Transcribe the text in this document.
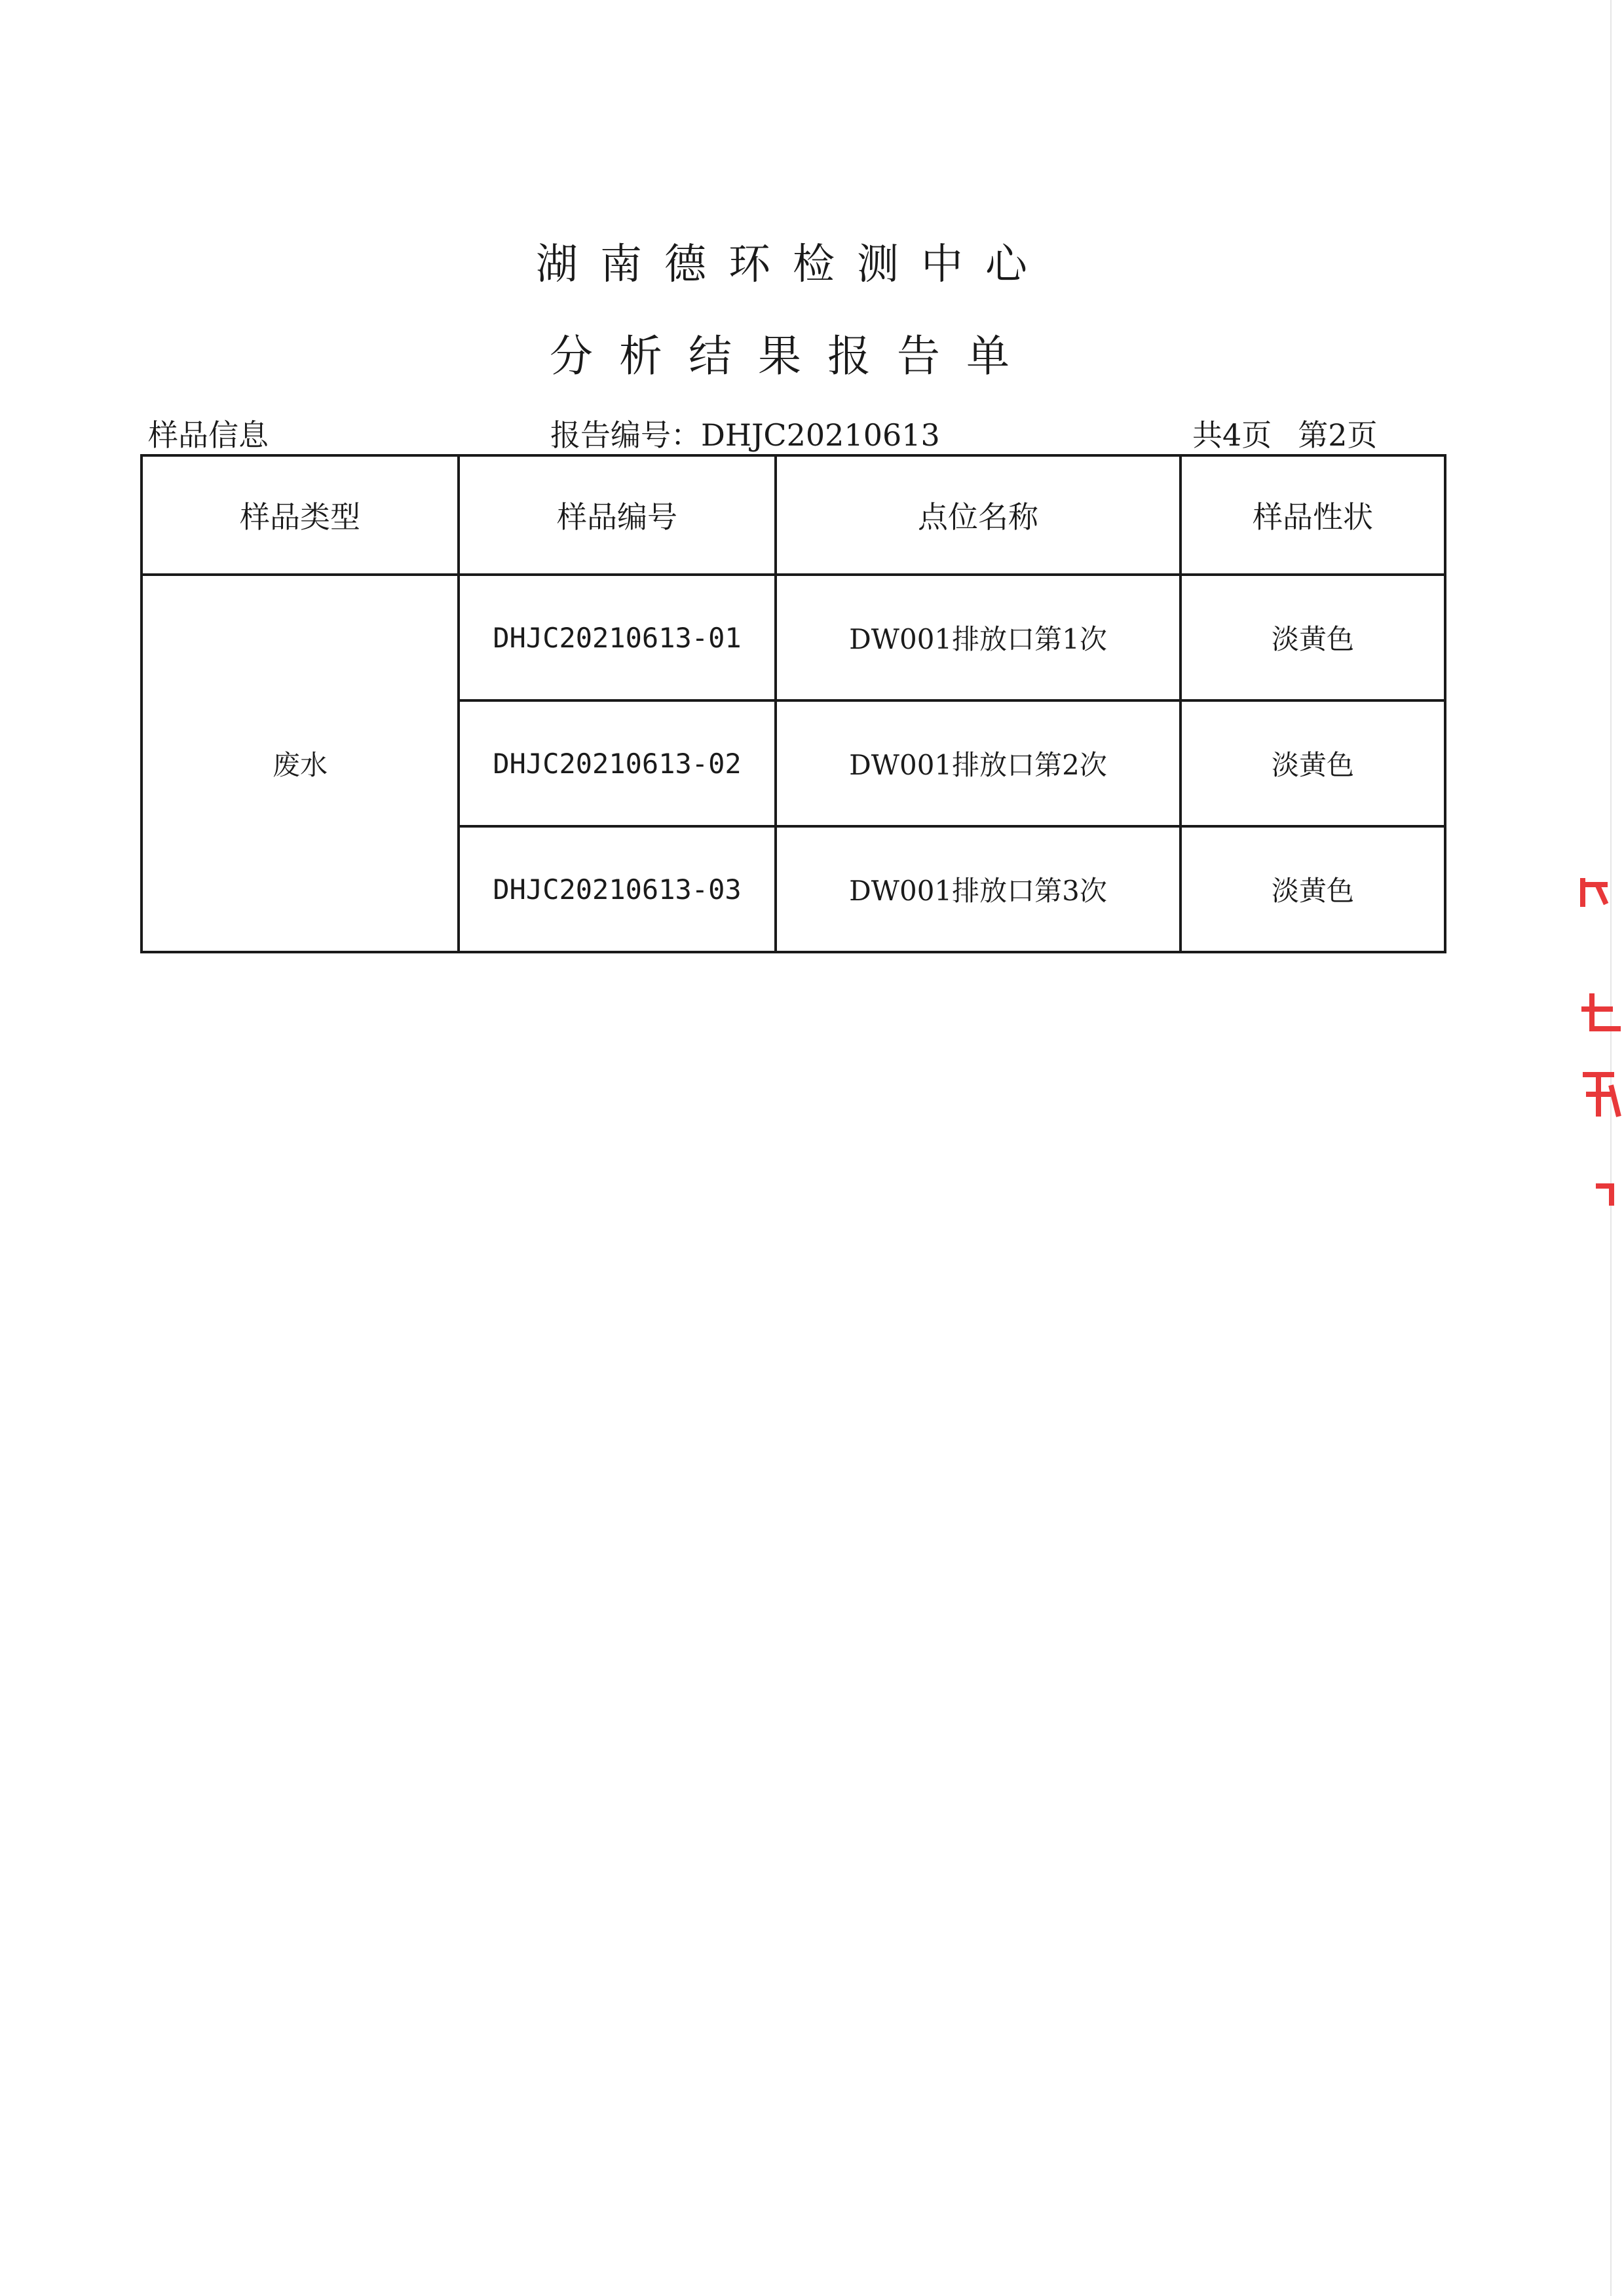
湖南德环检测中心
分析结果报告单
样品信息	报告编号：DHJC20210613	共4页 第2页
样品类型	样品编号	点位名称	样品性状
废水	DHJC20210613-01	DW001排放口第1次	淡黄色
	DHJC20210613-02	DW001排放口第2次	淡黄色
	DHJC20210613-03	DW001排放口第3次	淡黄色
